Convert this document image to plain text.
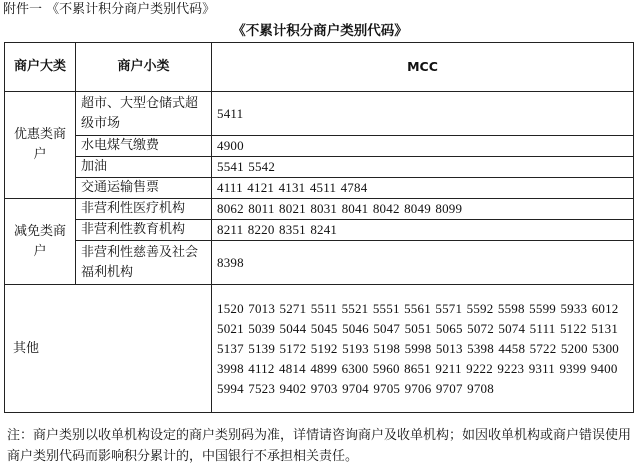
附件一 《不累计积分商户类别代码》
《不累计积分商户类别代码》
商户大类	商户小类	MCC
优惠类商户	超市、大型仓储式超级市场	5411
	水电煤气缴费	4900
	加油	5541 5542
	交通运输售票	4111 4121 4131 4511 4784
减免类商户	非营利性医疗机构	8062 8011 8021 8031 8041 8042 8049 8099
	非营利性教育机构	8211 8220 8351 8241
	非营利性慈善及社会福利机构	8398
其他		1520 7013 5271 5511 5521 5551 5561 5571 5592 5598 5599 5933 6012 5021 5039 5044 5045 5046 5047 5051 5065 5072 5074 5111 5122 5131 5137 5139 5172 5192 5193 5198 5998 5013 5398 4458 5722 5200 5300 3998 4112 4814 4899 6300 5960 8651 9211 9222 9223 9311 9399 9400 5994 7523 9402 9703 9704 9705 9706 9707 9708
注：商户类别以收单机构设定的商户类别码为准，详情请咨询商户及收单机构；如因收单机构或商户错误使用商户类别代码而影响积分累计的，中国银行不承担相关责任。
